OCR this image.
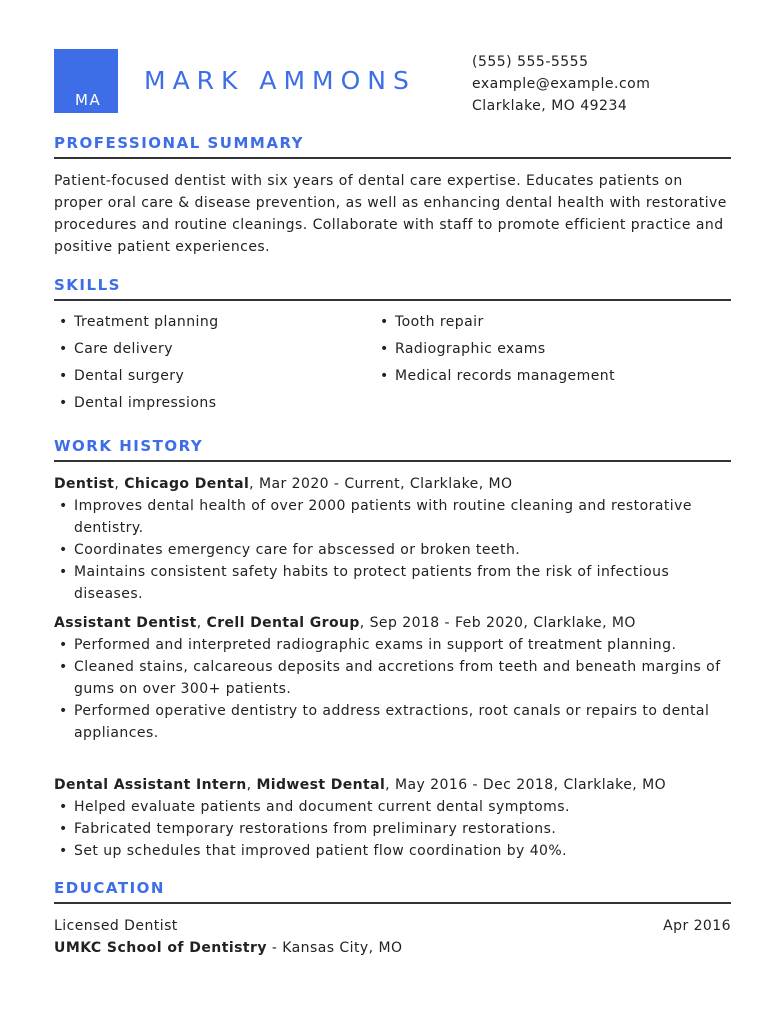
MA
MARK AMMONS
(555) 555-5555
example@example.com
Clarklake, MO 49234
PROFESSIONAL SUMMARY
Patient-focused dentist with six years of dental care expertise. Educates patients on proper oral care & disease prevention, as well as enhancing dental health with restorative procedures and routine cleanings. Collaborate with staff to promote efficient practice and positive patient experiences.
SKILLS
•Treatment planning
•Care delivery
•Dental surgery
•Dental impressions
•Tooth repair
•Radiographic exams
•Medical records management
WORK HISTORY
Dentist, Chicago Dental, Mar 2020 - Current, Clarklake, MO
• Improves dental health of over 2000 patients with routine cleaning and restorative dentistry.
• Coordinates emergency care for abscessed or broken teeth.
• Maintains consistent safety habits to protect patients from the risk of infectious diseases.
Assistant Dentist, Crell Dental Group, Sep 2018 - Feb 2020, Clarklake, MO
• Performed and interpreted radiographic exams in support of treatment planning.
• Cleaned stains, calcareous deposits and accretions from teeth and beneath margins of gums on over 300+ patients.
• Performed operative dentistry to address extractions, root canals or repairs to dental appliances.
Dental Assistant Intern, Midwest Dental, May 2016 - Dec 2018, Clarklake, MO
• Helped evaluate patients and document current dental symptoms.
• Fabricated temporary restorations from preliminary restorations.
• Set up schedules that improved patient flow coordination by 40%.
EDUCATION
Licensed Dentist	Apr 2016
UMKC School of Dentistry - Kansas City, MO
